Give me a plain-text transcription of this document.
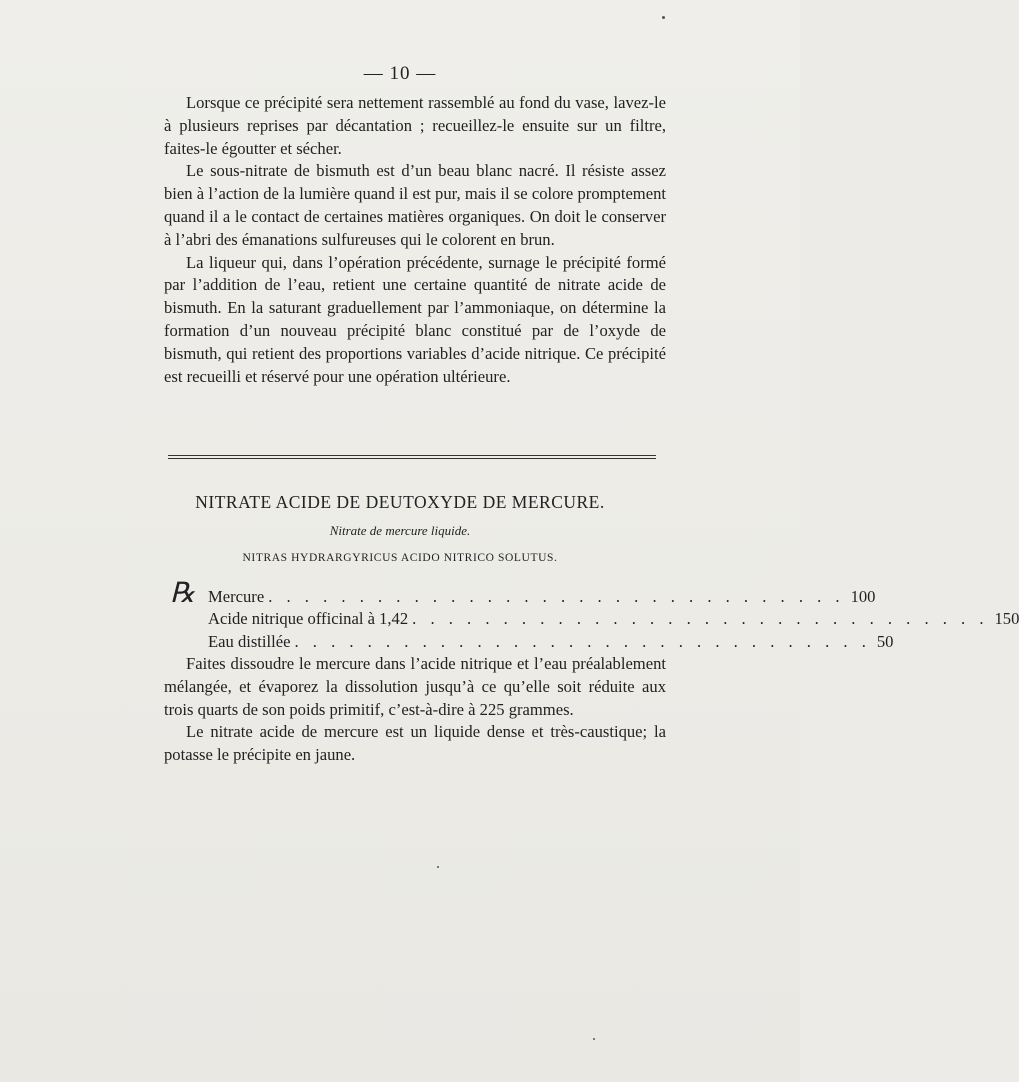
— 10 —

Lorsque ce précipité sera nettement rassemblé au fond du vase, lavez-le à plusieurs reprises par décantation ; recueillez-le ensuite sur un filtre, faites-le égoutter et sécher.

Le sous-nitrate de bismuth est d’un beau blanc nacré. Il résiste assez bien à l’action de la lumière quand il est pur, mais il se colore promptement quand il a le contact de certaines matières organiques. On doit le conserver à l’abri des émanations sulfureuses qui le colorent en brun.

La liqueur qui, dans l’opération précédente, surnage le précipité formé par l’addition de l’eau, retient une certaine quantité de nitrate acide de bismuth. En la saturant graduellement par l’ammoniaque, on détermine la formation d’un nouveau précipité blanc constitué par de l’oxyde de bismuth, qui retient des proportions variables d’acide nitrique. Ce précipité est recueilli et réservé pour une opération ultérieure.

NITRATE ACIDE DE DEUTOXYDE DE MERCURE.
Nitrate de mercure liquide.
NITRAS HYDRARGYRICUS ACIDO NITRICO SOLUTUS.
℞ Mercure . . . . . . . . . . . . . . . . . . . . . . . . . . . . . . . . 100
Acide nitrique officinal à 1,42 . . . . . . . . . . . . . . . . . . . . . . . . . . . . . . . . 150
Eau distillée . . . . . . . . . . . . . . . . . . . . . . . . . . . . . . . . 50

Faites dissoudre le mercure dans l’acide nitrique et l’eau préalablement mélangée, et évaporez la dissolution jusqu’à ce qu’elle soit réduite aux trois quarts de son poids primitif, c’est-à-dire à 225 grammes.

Le nitrate acide de mercure est un liquide dense et très-caustique; la potasse le précipite en jaune.
